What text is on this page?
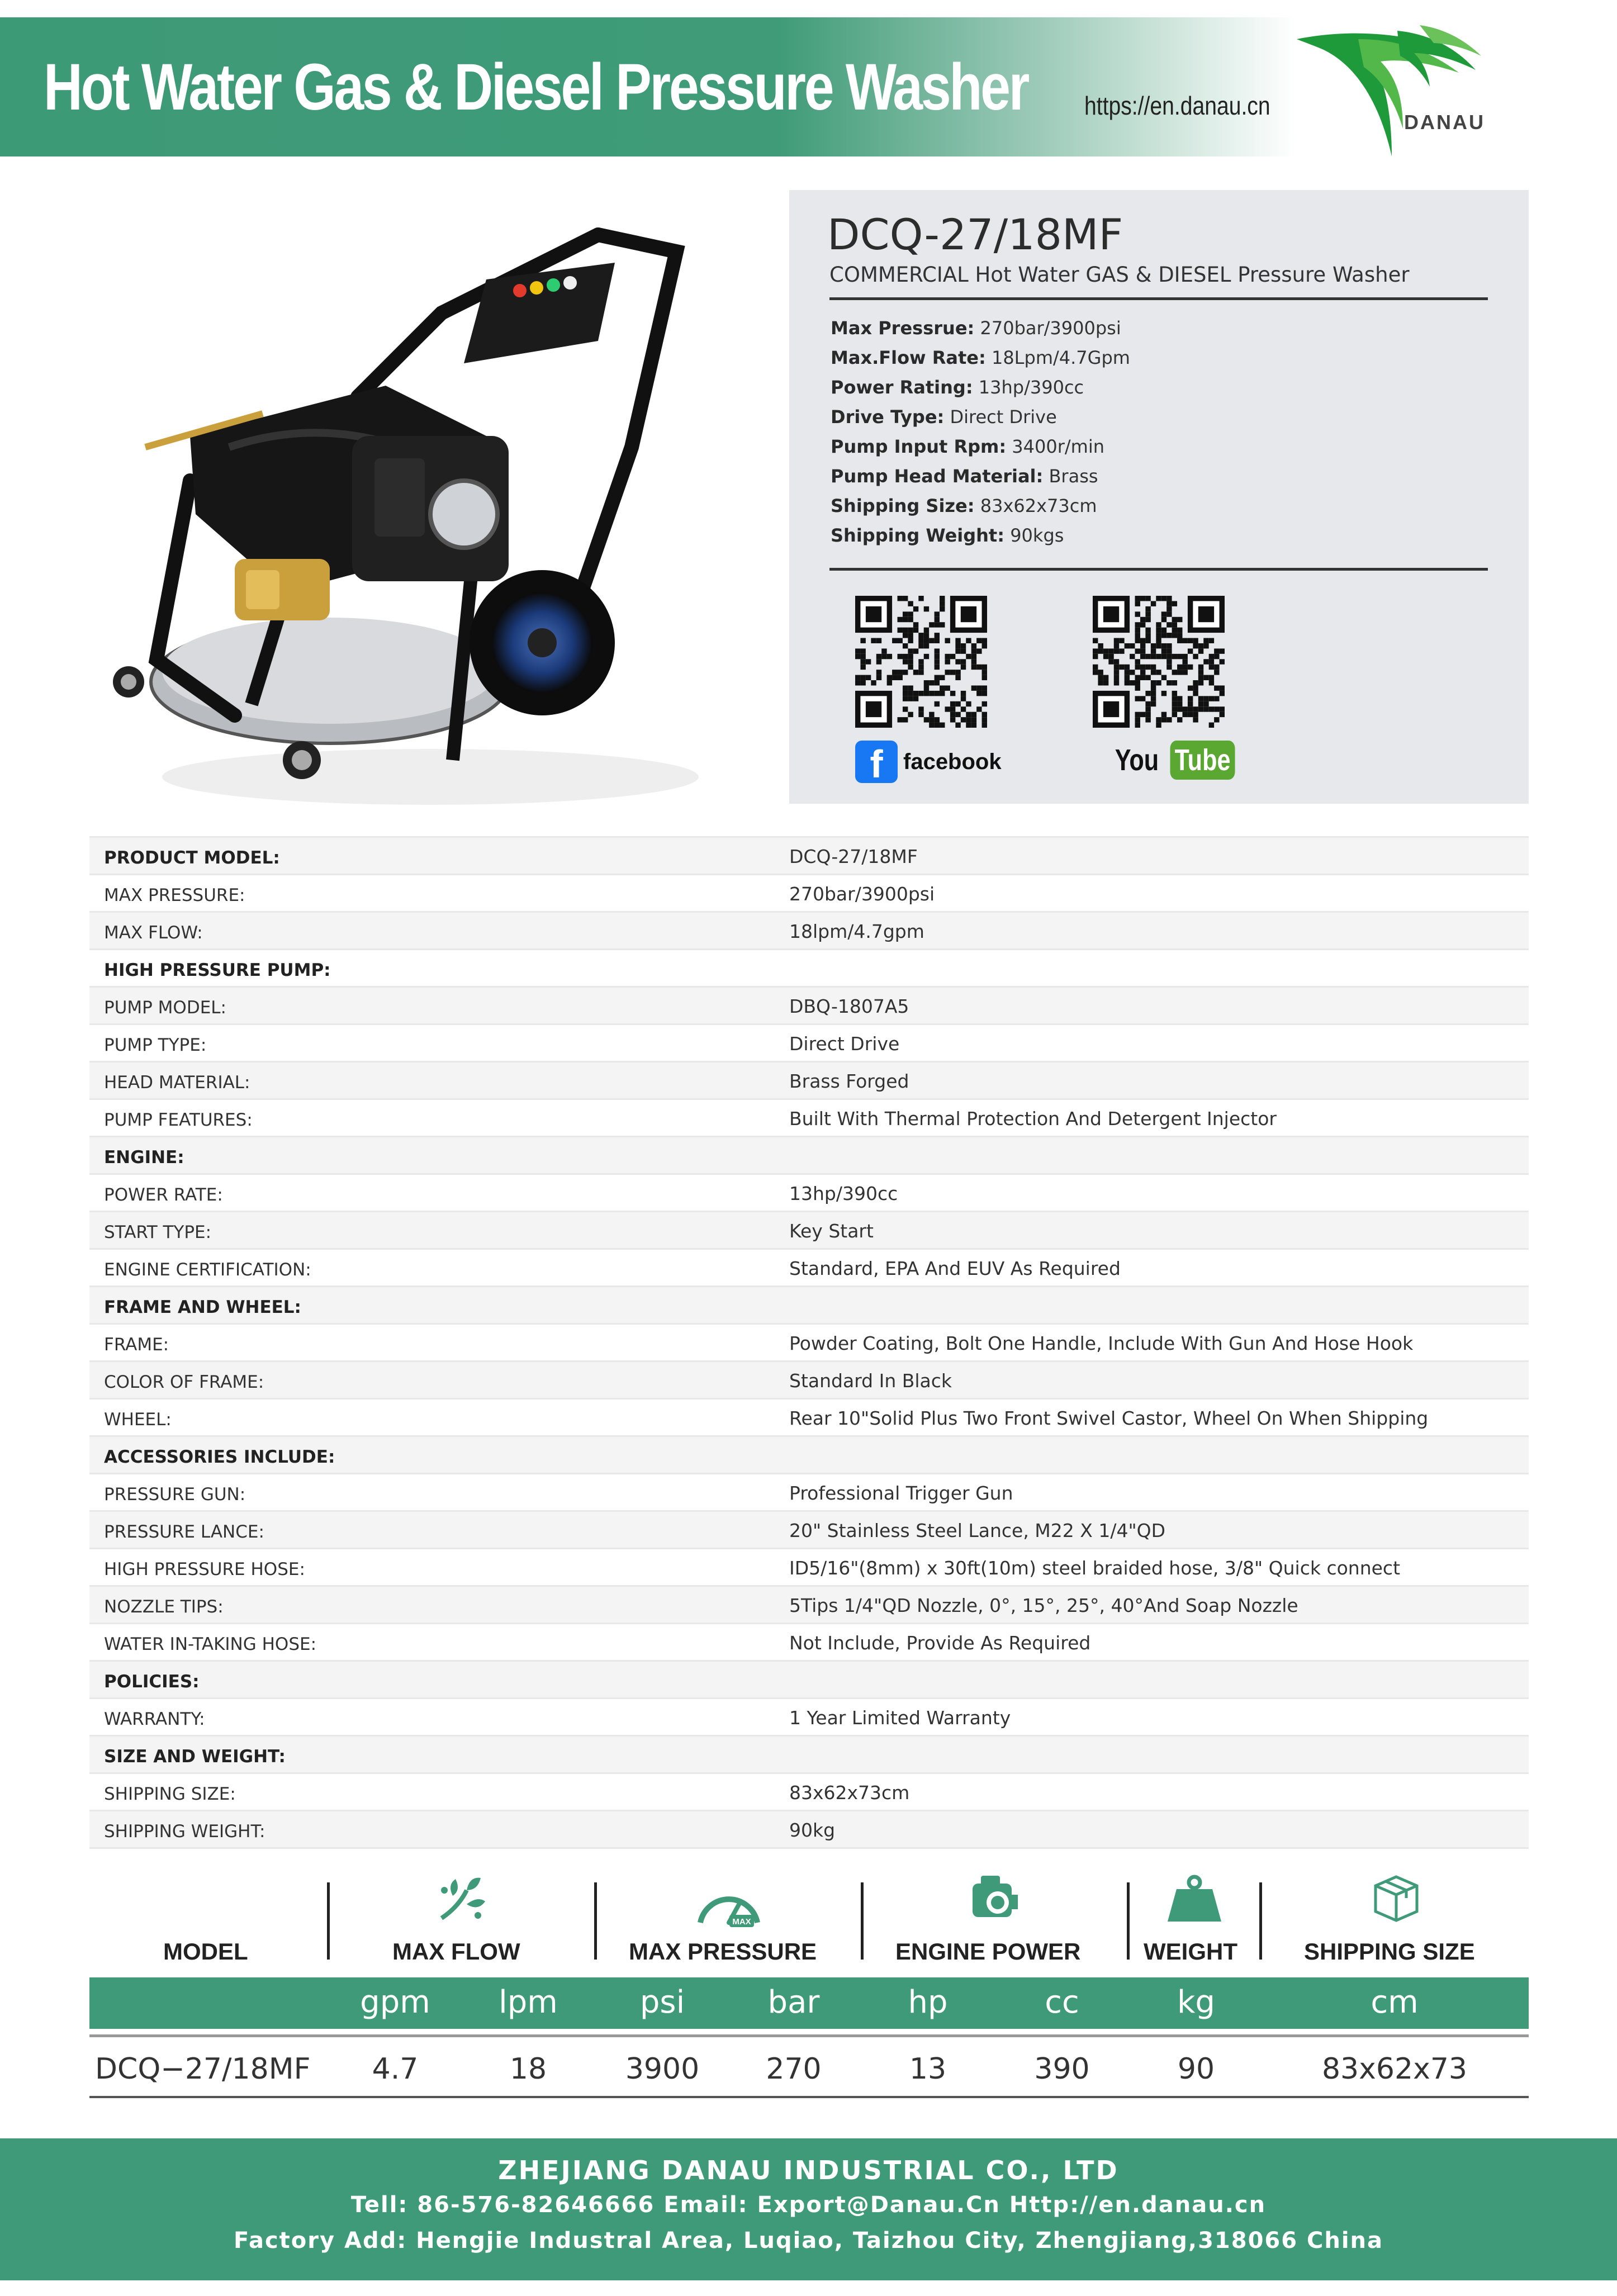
Hot Water Gas & Diesel Pressure Washer https://en.danau.cn
DANAU
DCQ-27/18MF
COMMERCIAL Hot Water GAS & DIESEL Pressure Washer
Max Pressrue: 270bar/3900psi
Max.Flow Rate: 18Lpm/4.7Gpm
Power Rating: 13hp/390cc
Drive Type: Direct Drive
Pump Input Rpm: 3400r/min
Pump Head Material: Brass
Shipping Size: 83x62x73cm
Shipping Weight: 90kgs
f facebook	You Tube
PRODUCT MODEL:	DCQ-27/18MF
MAX PRESSURE:	270bar/3900psi
MAX FLOW:	18lpm/4.7gpm
HIGH PRESSURE PUMP:
PUMP MODEL:	DBQ-1807A5
PUMP TYPE:	Direct Drive
HEAD MATERIAL:	Brass Forged
PUMP FEATURES:	Built With Thermal Protection And Detergent Injector
ENGINE:
POWER RATE:	13hp/390cc
START TYPE:	Key Start
ENGINE CERTIFICATION:	Standard, EPA And EUV As Required
FRAME AND WHEEL:
FRAME:	Powder Coating, Bolt One Handle, Include With Gun And Hose Hook
COLOR OF FRAME:	Standard In Black
WHEEL:	Rear 10"Solid Plus Two Front Swivel Castor, Wheel On When Shipping
ACCESSORIES INCLUDE:
PRESSURE GUN:	Professional Trigger Gun
PRESSURE LANCE:	20" Stainless Steel Lance, M22 X 1/4"QD
HIGH PRESSURE HOSE:	ID5/16"(8mm) x 30ft(10m) steel braided hose, 3/8" Quick connect
NOZZLE TIPS:	5Tips 1/4"QD Nozzle, 0°, 15°, 25°, 40°And Soap Nozzle
WATER IN-TAKING HOSE:	Not Include, Provide As Required
POLICIES:
WARRANTY:	1 Year Limited Warranty
SIZE AND WEIGHT:
SHIPPING SIZE:	83x62x73cm
SHIPPING WEIGHT:	90kg
MODEL	MAX FLOW
MAX
MAX PRESSURE	ENGINE POWER	WEIGHT	SHIPPING SIZE
gpm	lpm	psi	bar	hp	cc	kg	cm
DCQ−27/18MF	4.7	18	3900	270	13	390	90	83x62x73
ZHEJIANG DANAU INDUSTRIAL CO., LTD
Tell: 86-576-82646666 Email: Export@Danau.Cn Http://en.danau.cn
Factory Add: Hengjie Industral Area, Luqiao, Taizhou City, Zhengjiang,318066 China
